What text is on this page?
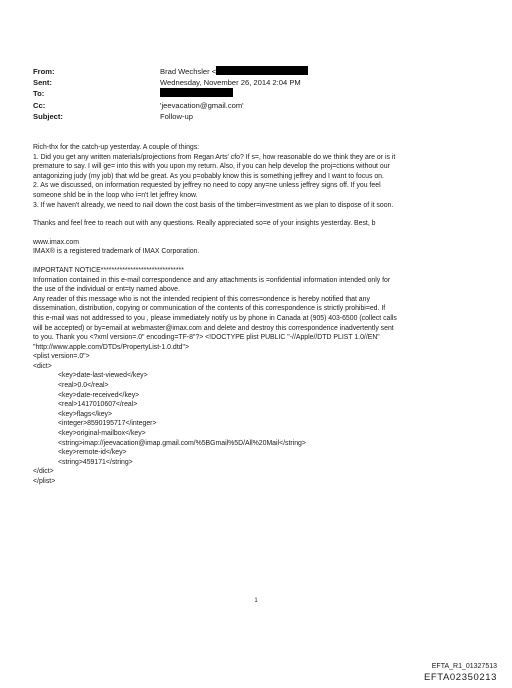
From:	Brad Wechsler <
Sent:	Wednesday, November 26, 2014 2:04 PM
To:
Cc:	'jeevacation@gmail.com'
Subject:	Follow-up

Rich-thx for the catch-up yesterday. A couple of things:

1. Did you get any written materials/projections from Regan Arts' cfo? If s=, how reasonable do we think they are or is it

premature to say. I will ge= into this with you upon my return. Also, if you can help develop the proj=ctions without our

antagonizing judy (my job) that wld be great. As you p=obably know this is something jeffrey and I want to focus on.

2. As we discussed, on information requested by jeffrey no need to copy any=ne unless jeffrey signs off. If you feel

someone shld be in the loop who i=n't let jeffrey know.

3. If we haven't already, we need to nail down the cost basis of the timber=investment as we plan to dispose of it soon.

Thanks and feel free to reach out with any questions. Really appreciated so=e of your insights yesterday. Best, b

www.imax.com

IMAX® is a registered trademark of IMAX Corporation.

IMPORTANT NOTICE*******************************

Information contained in this e-mail correspondence and any attachments is =onfidential information intended only for

the use of the individual or ent=ty named above.

Any reader of this message who is not the intended recipient of this corres=ondence is hereby notified that any

dissemination, distribution, copying or communication of the contents of this correspondence is strictly prohibi=ed. If

this e-mail was not addressed to you , please immediately notify us by phone in Canada at (905) 403-6500 (collect calls

will be accepted) or by=email at webmaster@imax.com and delete and destroy this correspondence inadvertently sent

to you. Thank you <?xml version=.0" encoding=TF-8"?> <!DOCTYPE plist PUBLIC "-//Apple//DTD PLIST 1.0//EN"

"http://www.apple.com/DTDs/PropertyList-1.0.dtd">

<plist version=.0">

<dict>

<key>date-last-viewed</key>

<real>0.0</real>

<key>date-received</key>

<real>1417010607</real>

<key>flags</key>

<integer>8590195717</integer>

<key>original-mailbox</key>

<string>imap://jeevacation@imap.gmail.com/%5BGmail%5D/All%20Mail</string>

<key>remote-id</key>

<string>459171</string>

</dict>

</plist>

1
EFTA_R1_01327513
EFTA02350213
